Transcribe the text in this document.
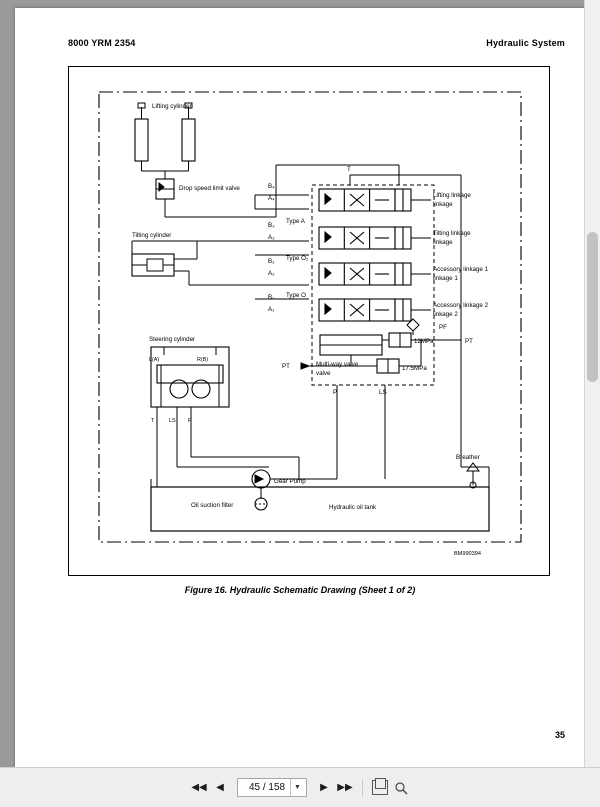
8000 YRM 2354	Hydraulic System
Lifting cylinder
Drop speed limit valve
Tilting cylinder
Steering cylinder
Multi-way valve
valve
Gear Pump
Oil suction filter	Hydraulic oil tank
Breather
Lifting linkage
linkage
Tilting linkage
linkage
Accessory linkage 1
linkage 1
Accessory linkage 2
linkage 2
Type A
Type O₂
Type O
12MPa
17.5MPa
T
PF
PT
PT
P	LS
B₄
A₄
B₃
A₃
B₂
A₂
B₁
A₁
L(A)	R(B)
T	LS P
BM990394
Figure 16. Hydraulic Schematic Drawing (Sheet 1 of 2)
35
◀◀ ◀	45 / 158	▼	▶ ▶▶
